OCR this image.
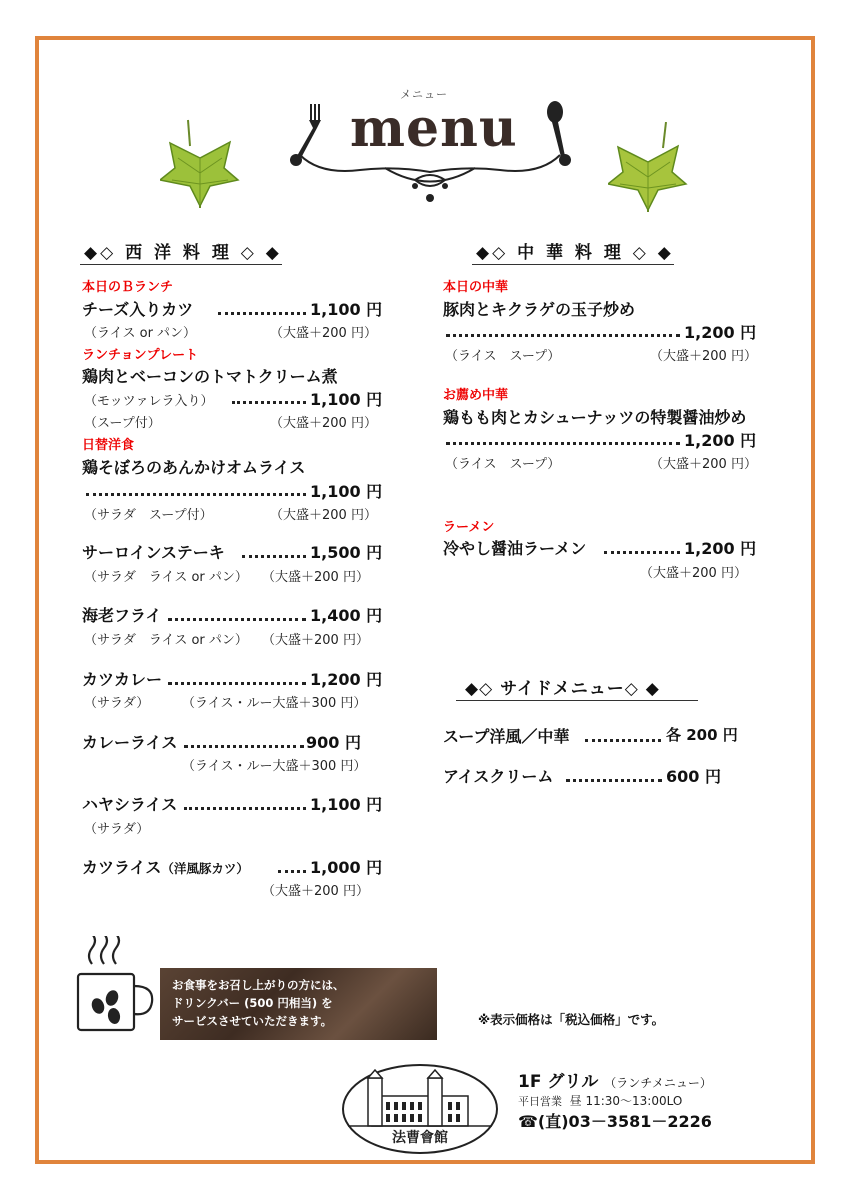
メニュー
menu
◆◇ 西 洋 料 理 ◇ ◆
本日のＢランチ
チーズ入りカツ	1,100 円
（ライス or パン）	（大盛＋200 円）
ランチョンプレート
鶏肉とベーコンのトマトクリーム煮
（モッツァレラ入り）	1,100 円
（スープ付）	（大盛＋200 円）
日替洋食
鶏そぼろのあんかけオムライス
1,100 円
（サラダ　スープ付）	（大盛＋200 円）
サーロインステーキ	1,500 円
（サラダ　ライス or パン） （大盛＋200 円）
海老フライ	1,400 円
（サラダ　ライス or パン） （大盛＋200 円）
カツカレー	1,200 円
（サラダ）	（ライス・ルー大盛＋300 円）
カレーライス	900 円
（ライス・ルー大盛＋300 円）
ハヤシライス	1,100 円
（サラダ）
カツライス（洋風豚カツ）	1,000 円
（大盛＋200 円）
◆◇ 中 華 料 理 ◇ ◆
本日の中華
豚肉とキクラゲの玉子炒め
1,200 円
（ライス　スープ）	（大盛＋200 円）
お薦め中華
鶏もも肉とカシューナッツの特製醤油炒め
1,200 円
（ライス　スープ）	（大盛＋200 円）
ラーメン
冷やし醤油ラーメン	1,200 円
（大盛＋200 円）
◆◇ サイドメニュー◇ ◆
スープ洋風／中華	各 200 円
アイスクリーム	600 円
お食事をお召し上がりの方には、
ドリンクバー (500 円相当) を
サービスさせていただきます。	※表示価格は「税込価格」です。
法曹會館
1F グリル （ランチメニュー）
平日営業 昼 11:30～13:00LO
☎(直)03－3581－2226
